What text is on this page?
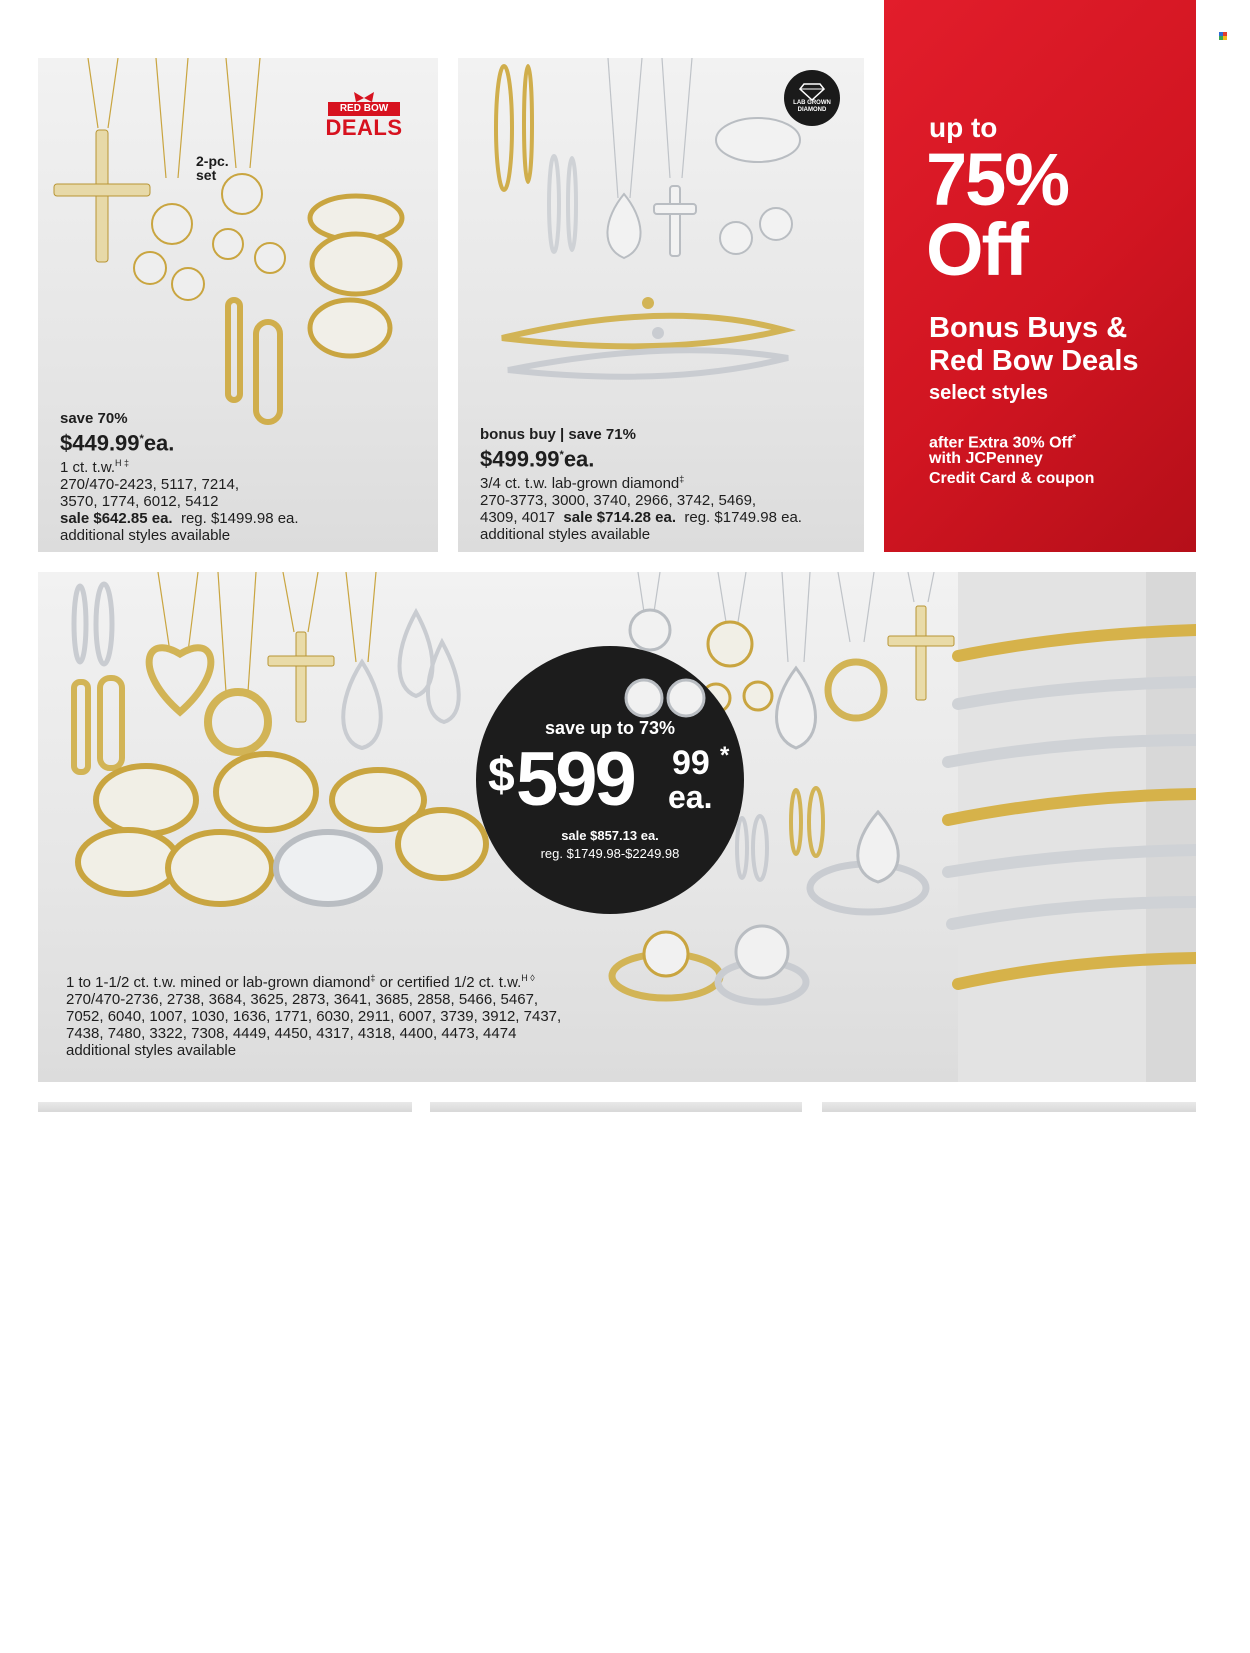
RED BOW
DEALS
2-pc.
set
save 70%
$449.99*ea.
1 ct. t.w.$^{H \ddagger}$
270/470-2423, 5117, 7214,
3570, 1774, 6012, 5412
sale $642.85 ea. reg. $1499.98 ea.
additional styles available
LAB GROWN DIAMOND
bonus buy | save 71%
$499.99*ea.
3/4 ct. t.w. lab-grown diamond‡
270-3773, 3000, 3740, 2966, 3742, 5469,
4309, 4017 sale $714.28 ea. reg. $1749.98 ea.
additional styles available
up to
75%
Off
Bonus Buys &
Red Bow Deals
select styles
after Extra 30% Off*
with JCPenney
Credit Card & coupon
save up to 73%
$ 599 99 *
ea.
sale $857.13 ea.
reg. $1749.98-$2249.98
1 to 1-1/2 ct. t.w. mined or lab-grown diamond‡ or certified 1/2 ct. t.w.$^{H ◊}$
270/470-2736, 2738, 3684, 3625, 2873, 3641, 3685, 2858, 5466, 5467,
7052, 6040, 1007, 1030, 1636, 1771, 6030, 2911, 6007, 3739, 3912, 7437,
7438, 7480, 3322, 7308, 4449, 4450, 4317, 4318, 4400, 4473, 4474
additional styles available
